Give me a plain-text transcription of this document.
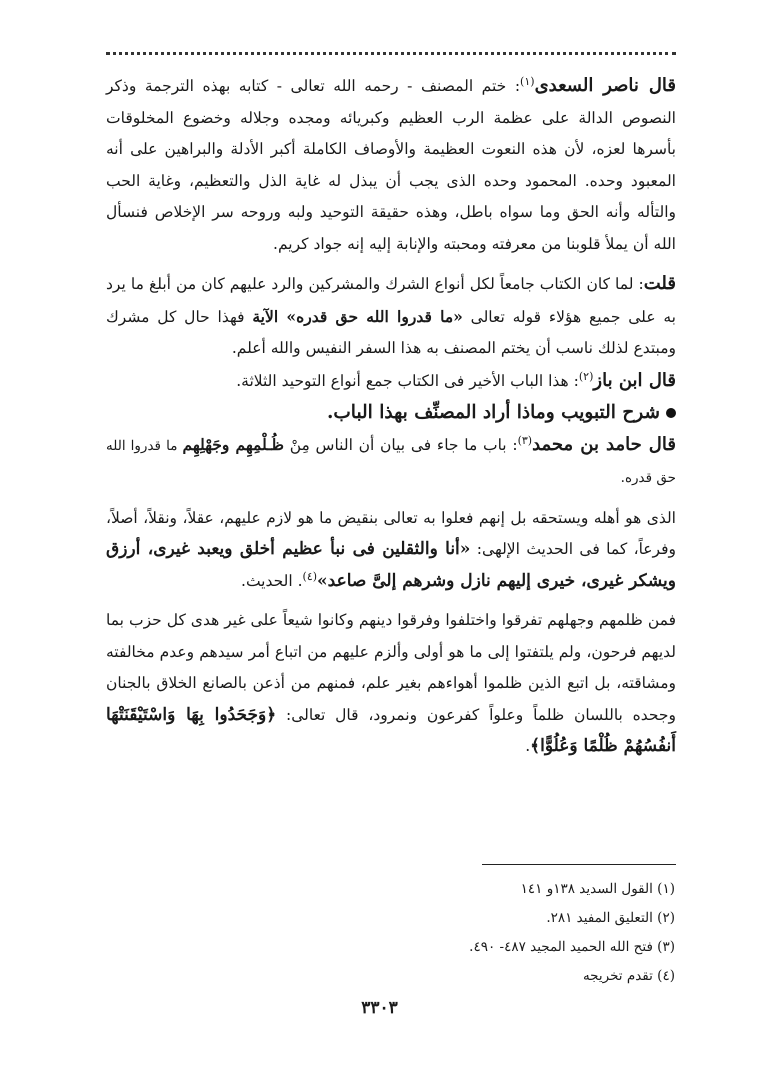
قال ناصر السعدى$^{(١)}$: ختم المصنف - رحمه الله تعالى - كتابه بهذه الترجمة وذكر النصوص الدالة على عظمة الرب العظيم وكبريائه ومجده وجلاله وخضوع المخلوقات بأسرها لعزه، لأن هذه النعوت العظيمة والأوصاف الكاملة أكبر الأدلة والبراهين على أنه المعبود وحده. المحمود وحده الذى يجب أن يبذل له غاية الذل والتعظيم، وغاية الحب والتأله وأنه الحق وما سواه باطل، وهذه حقيقة التوحيد ولبه وروحه سر الإخلاص فنسأل الله أن يملأ قلوبنا من معرفته ومحبته والإنابة إليه إنه جواد كريم.

قلت: لما كان الكتاب جامعاً لكل أنواع الشرك والمشركين والرد عليهم كان من أبلغ ما يرد به على جميع هؤلاء قوله تعالى «ما قدروا الله حق قدره» الآية فهذا حال كل مشرك ومبتدع لذلك ناسب أن يختم المصنف به هذا السفر النفيس والله أعلم.

قال ابن باز$^{(٢)}$: هذا الباب الأخير فى الكتاب جمع أنواع التوحيد الثلاثة.

شرح التبويب وماذا أراد المصنِّف بهذا الباب.

قال حامد بن محمد$^{(٣)}$: باب ما جاء فى بيان أن الناس مِنْ ظُـلْمِهِم وجَهْلِهِم ما قدروا الله حق قدره.

الذى هو أهله ويستحقه بل إنهم فعلوا به تعالى بنقيض ما هو لازم عليهم، عقلاً، ونقلاً، أصلاً، وفرعاً، كما فى الحديث الإلهى: «أنا والثقلين فى نبأ عظيم أخلق ويعبد غيرى، أرزق ويشكر غيرى، خيرى إليهم نازل وشرهم إلىَّ صاعد»$^{(٤)}$. الحديث.

فمن ظلمهم وجهلهم تفرقوا واختلفوا وفرقوا دينهم وكانوا شيعاً على غير هدى كل حزب بما لديهم فرحون، ولم يلتفتوا إلى ما هو أولى وألزم عليهم من اتباع أمر سيدهم وعدم مخالفته ومشاقته، بل اتبع الذين ظلموا أهواءهم بغير علم، فمنهم من أذعن بالصانع الخلاق بالجنان وجحده باللسان ظلماً وعلواً كفرعون ونمرود، قال تعالى: ﴿وَجَحَدُوا بِهَا وَاسْتَيْقَنَتْهَا أَنفُسُهُمْ ظُلْمًا وَعُلُوًّا﴾.

(١) القول السديد ١٣٨و ١٤١
(٢) التعليق المفيد ٢٨١.
(٣) فتح الله الحميد المجيد ٤٨٧- ٤٩٠.
(٤) تقدم تخريجه
٣٣٠٣
